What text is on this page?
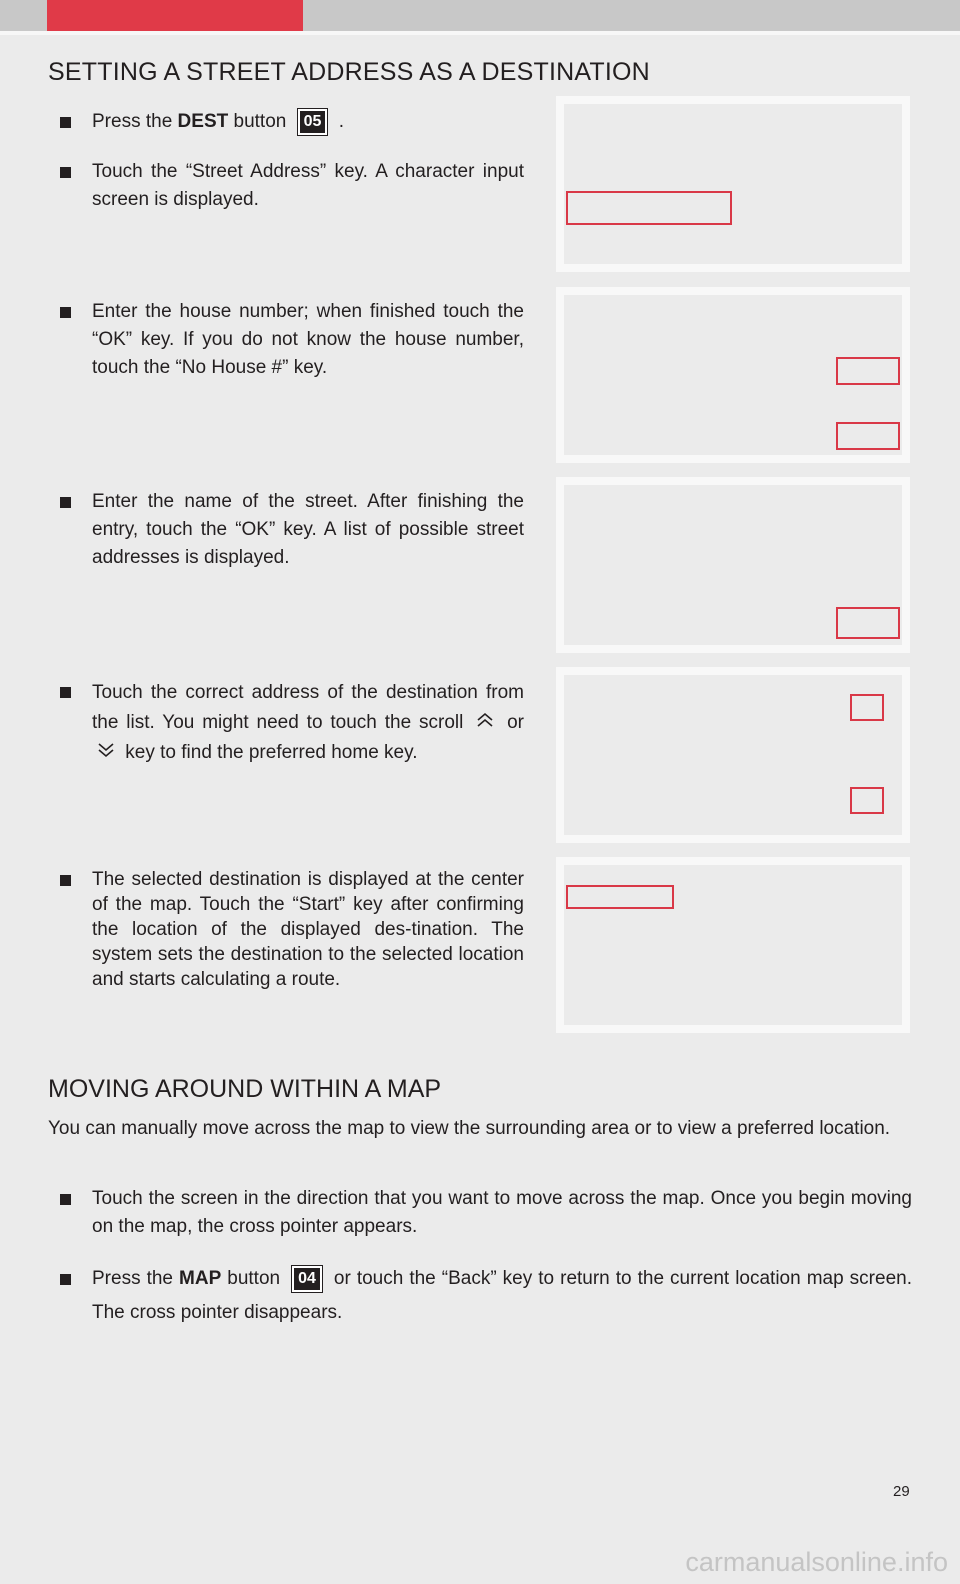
SETTING A STREET ADDRESS AS A DESTINATION
Press the DEST button 05 .
Touch the “Street Address” key. A character input screen is displayed.
Enter the house number; when finished touch the “OK” key. If you do not know the house number, touch the “No House #” key.
Enter the name of the street. After finishing the entry, touch the “OK” key. A list of possible street addresses is displayed.
Touch the correct address of the destination from the list. You might need to touch the scroll or  key to find the preferred home key.
The selected destination is displayed at the center of the map. Touch the “Start” key after confirming the location of the displayed des-tination. The system sets the destination to the selected location and starts calculating a route.
MOVING AROUND WITHIN A MAP

You can manually move across the map to view the surrounding area or to view a preferred location.

Touch the screen in the direction that you want to move across the map. Once you begin moving on the map, the cross pointer appears.
Press the MAP button 04 or touch the “Back” key to return to the current location map screen. The cross pointer disappears.
29
carmanualsonline.info
